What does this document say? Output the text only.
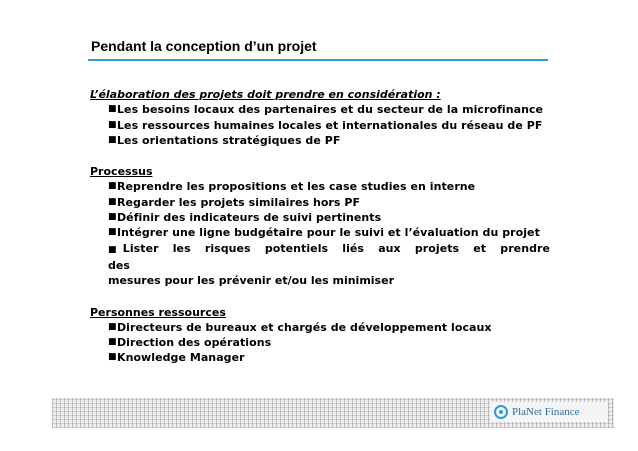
Pendant la conception d’un projet
L’élaboration des projets doit prendre en considération :
■ Les besoins locaux des partenaires et du secteur de la microfinance
■ Les ressources humaines locales et internationales du réseau de PF
■ Les orientations stratégiques de PF
Processus
■ Reprendre les propositions et les case studies en interne
■ Regarder les projets similaires hors PF
■ Définir des indicateurs de suivi pertinents
■ Intégrer une ligne budgétaire pour le suivi et l’évaluation du projet
■ Lister les risques potentiels liés aux projets et prendre des
mesures pour les prévenir et/ou les minimiser
Personnes ressources
■ Directeurs de bureaux et chargés de développement locaux
■ Direction des opérations
■ Knowledge Manager
PlaNet Finance
